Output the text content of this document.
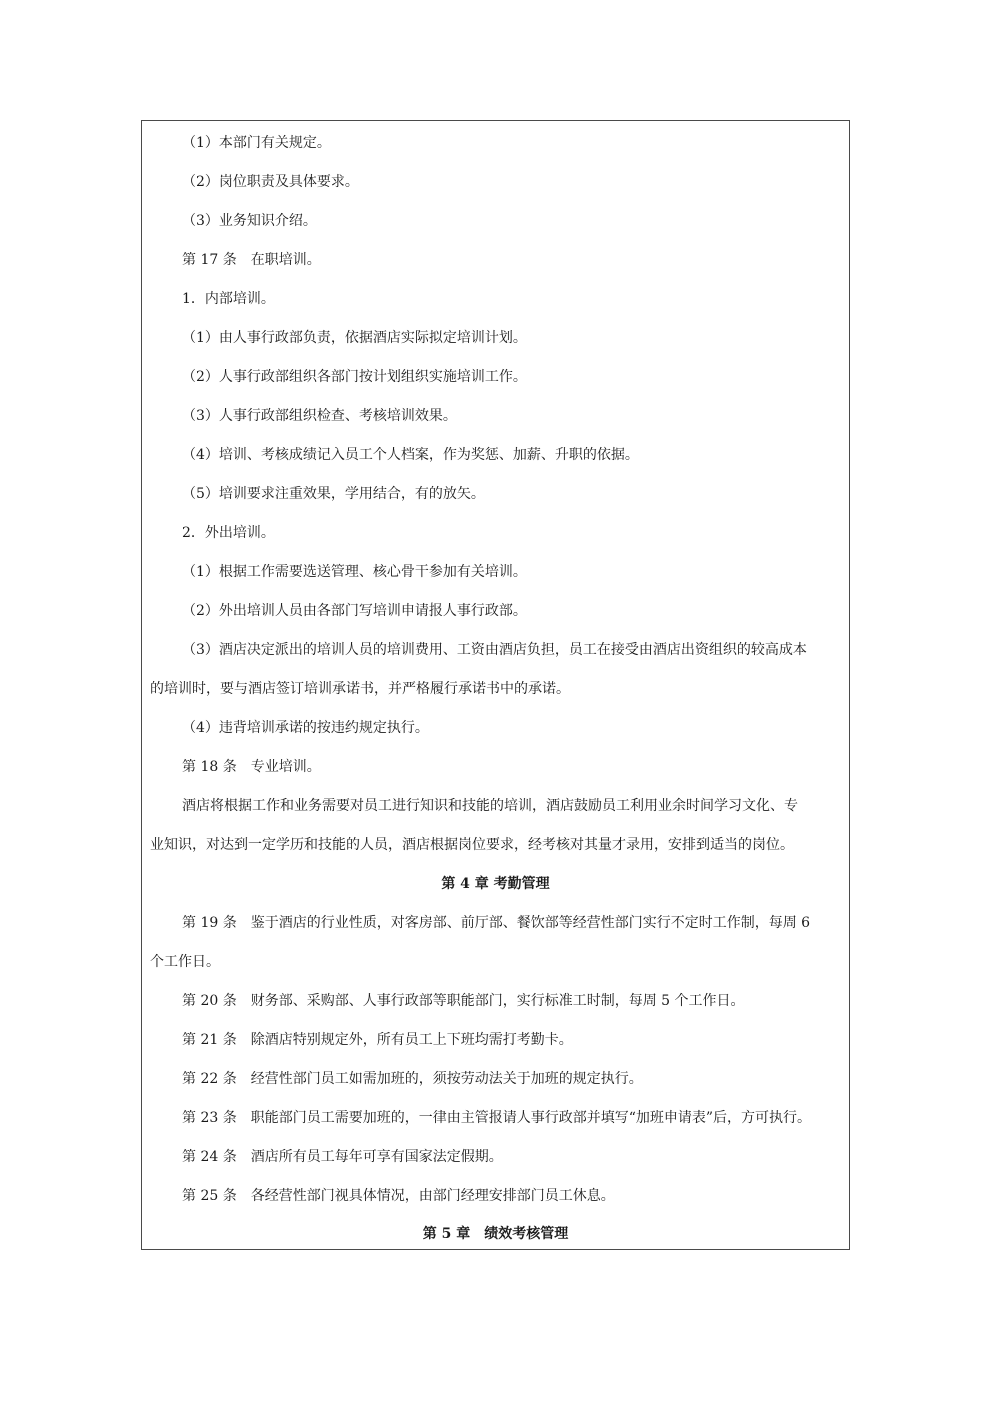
（1）本部门有关规定。
（2）岗位职责及具体要求。
（3）业务知识介绍。
第 17 条 在职培训。
1．内部培训。
（1）由人事行政部负责，依据酒店实际拟定培训计划。
（2）人事行政部组织各部门按计划组织实施培训工作。
（3）人事行政部组织检查、考核培训效果。
（4）培训、考核成绩记入员工个人档案，作为奖惩、加薪、升职的依据。
（5）培训要求注重效果，学用结合，有的放矢。
2．外出培训。
（1）根据工作需要选送管理、核心骨干参加有关培训。
（2）外出培训人员由各部门写培训申请报人事行政部。
（3）酒店决定派出的培训人员的培训费用、工资由酒店负担，员工在接受由酒店出资组织的较高成本
的培训时，要与酒店签订培训承诺书，并严格履行承诺书中的承诺。
（4）违背培训承诺的按违约规定执行。
第 18 条 专业培训。
酒店将根据工作和业务需要对员工进行知识和技能的培训，酒店鼓励员工利用业余时间学习文化、专
业知识，对达到一定学历和技能的人员，酒店根据岗位要求，经考核对其量才录用，安排到适当的岗位。
第 4 章 考勤管理
第 19 条 鉴于酒店的行业性质，对客房部、前厅部、餐饮部等经营性部门实行不定时工作制，每周 6
个工作日。
第 20 条 财务部、采购部、人事行政部等职能部门，实行标准工时制，每周 5 个工作日。
第 21 条 除酒店特别规定外，所有员工上下班均需打考勤卡。
第 22 条 经营性部门员工如需加班的，须按劳动法关于加班的规定执行。
第 23 条 职能部门员工需要加班的，一律由主管报请人事行政部并填写“加班申请表”后，方可执行。
第 24 条 酒店所有员工每年可享有国家法定假期。
第 25 条 各经营性部门视具体情况，由部门经理安排部门员工休息。
第 5 章　绩效考核管理
